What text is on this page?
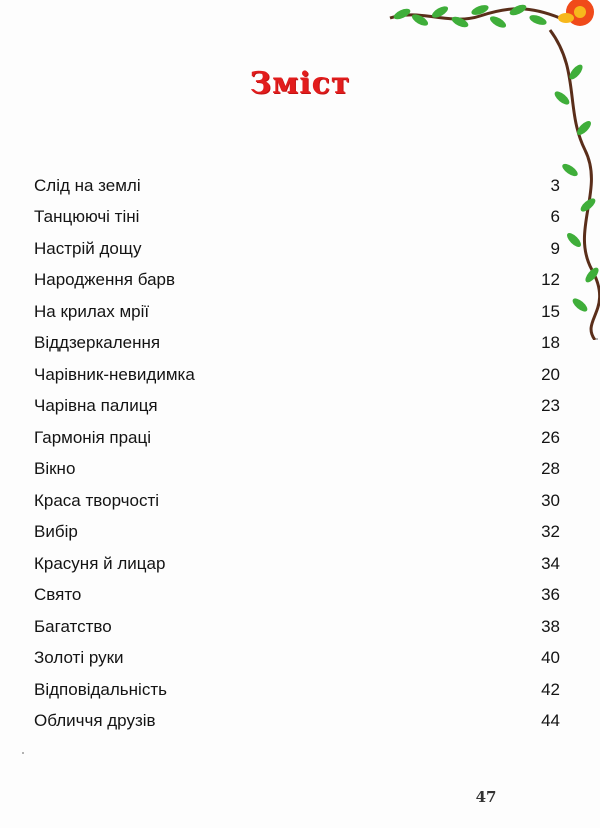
Зміст
Слід на землі	3
Танцюючі тіні	6
Настрій дощу	9
Народження барв	12
На крилах мрії	15
Віддзеркалення	18
Чарівник-невидимка	20
Чарівна палиця	23
Гармонія праці	26
Вікно	28
Краса творчості	30
Вибір	32
Красуня й лицар	34
Свято	36
Багатство	38
Золоті руки	40
Відповідальність	42
Обличчя друзів	44
47
